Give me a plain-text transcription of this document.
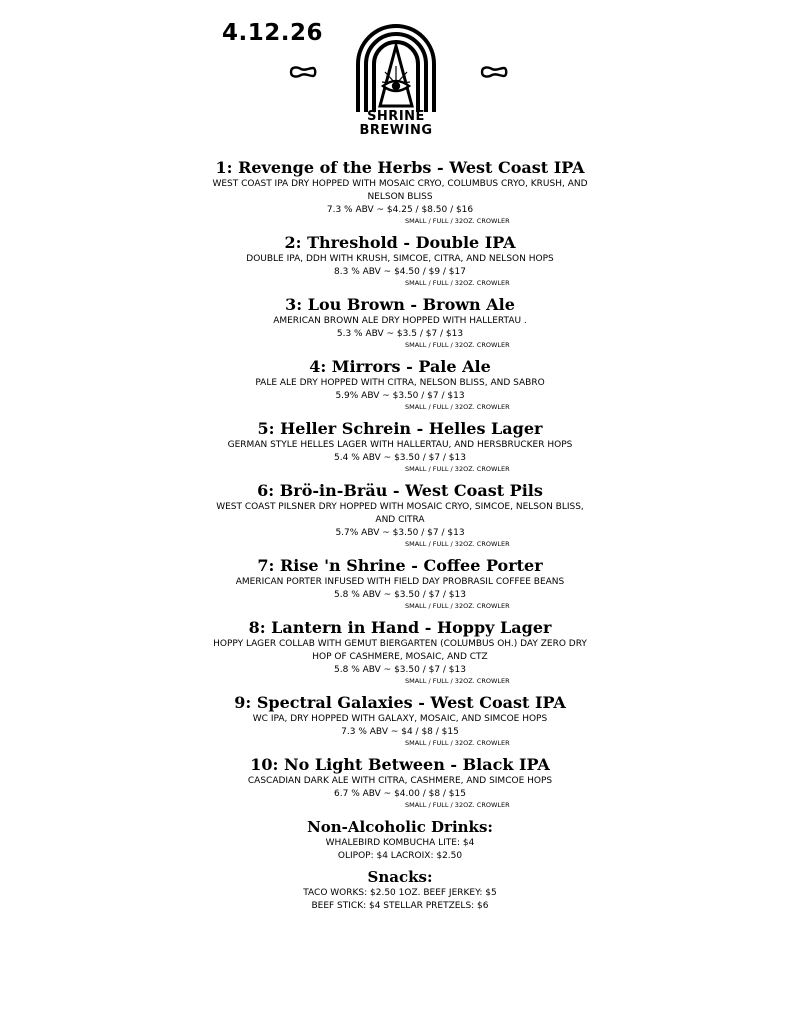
4.12.26
SHRINE
BREWING
1: Revenge of the Herbs - West Coast IPA
WEST COAST IPA DRY HOPPED WITH MOSAIC CRYO, COLUMBUS CRYO, KRUSH, AND NELSON BLISS
7.3 % ABV ~ $4.25 / $8.50 / $16
SMALL / FULL / 32OZ. CROWLER
2: Threshold - Double IPA
DOUBLE IPA, DDH WITH KRUSH, SIMCOE, CITRA, AND NELSON HOPS
8.3 % ABV ~ $4.50 / $9 / $17
SMALL / FULL / 32OZ. CROWLER
3: Lou Brown - Brown Ale
AMERICAN BROWN ALE DRY HOPPED WITH HALLERTAU .
5.3 % ABV ~ $3.5 / $7 / $13
SMALL / FULL / 32OZ. CROWLER
4: Mirrors - Pale Ale
PALE ALE DRY HOPPED WITH CITRA, NELSON BLISS, AND SABRO
5.9% ABV ~ $3.50 / $7 / $13
SMALL / FULL / 32OZ. CROWLER
5: Heller Schrein - Helles Lager
GERMAN STYLE HELLES LAGER WITH HALLERTAU, AND HERSBRUCKER HOPS
5.4 % ABV ~ $3.50 / $7 / $13
SMALL / FULL / 32OZ. CROWLER
6: Brö-in-Bräu - West Coast Pils
WEST COAST PILSNER DRY HOPPED WITH MOSAIC CRYO, SIMCOE, NELSON BLISS, AND CITRA
5.7% ABV ~ $3.50 / $7 / $13
SMALL / FULL / 32OZ. CROWLER
7: Rise 'n Shrine - Coffee Porter
AMERICAN PORTER INFUSED WITH FIELD DAY PROBRASIL COFFEE BEANS
5.8 % ABV ~ $3.50 / $7 / $13
SMALL / FULL / 32OZ. CROWLER
8: Lantern in Hand - Hoppy Lager
HOPPY LAGER COLLAB WITH GEMUT BIERGARTEN (COLUMBUS OH.) DAY ZERO DRY HOP OF CASHMERE, MOSAIC, AND CTZ
5.8 % ABV ~ $3.50 / $7 / $13
SMALL / FULL / 32OZ. CROWLER
9: Spectral Galaxies - West Coast IPA
WC IPA, DRY HOPPED WITH GALAXY, MOSAIC, AND SIMCOE HOPS
7.3 % ABV ~ $4 / $8 / $15
SMALL / FULL / 32OZ. CROWLER
10: No Light Between - Black IPA
CASCADIAN DARK ALE WITH CITRA, CASHMERE, AND SIMCOE HOPS
6.7 % ABV ~ $4.00 / $8 / $15
SMALL / FULL / 32OZ. CROWLER
Non-Alcoholic Drinks:
WHALEBIRD KOMBUCHA LITE: $4
OLIPOP: $4 LACROIX: $2.50
Snacks:
TACO WORKS: $2.50 1OZ. BEEF JERKEY: $5
BEEF STICK: $4 STELLAR PRETZELS: $6
